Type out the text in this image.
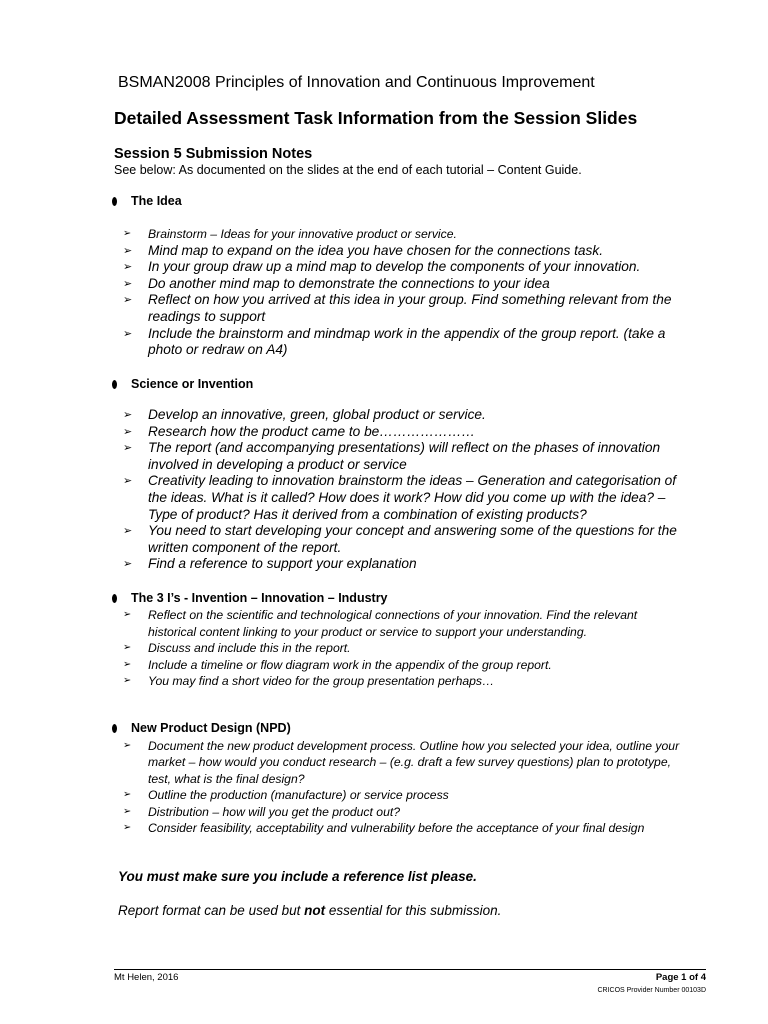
BSMAN2008 Principles of Innovation and Continuous Improvement
Detailed Assessment Task Information from the Session Slides
Session 5 Submission Notes
See below: As documented on the slides at the end of each tutorial – Content Guide.
The Idea
➢ Brainstorm – Ideas for your innovative product or service.
➢ Mind map to expand on the idea you have chosen for the connections task.
➢ In your group draw up a mind map to develop the components of your innovation.
➢ Do another mind map to demonstrate the connections to your idea
➢ Reflect on how you arrived at this idea in your group. Find something relevant from the readings to support
➢ Include the brainstorm and mindmap work in the appendix of the group report. (take a photo or redraw on A4)
Science or Invention
➢ Develop an innovative, green, global product or service.
➢ Research how the product came to be…………………
➢ The report (and accompanying presentations) will reflect on the phases of innovation involved in developing a product or service
➢ Creativity leading to innovation brainstorm the ideas – Generation and categorisation of the ideas. What is it called? How does it work? How did you come up with the idea? – Type of product? Has it derived from a combination of existing products?
➢ You need to start developing your concept and answering some of the questions for the written component of the report.
➢ Find a reference to support your explanation
The 3 I’s - Invention – Innovation – Industry
➢ Reflect on the scientific and technological connections of your innovation. Find the relevant historical content linking to your product or service to support your understanding.
➢ Discuss and include this in the report.
➢ Include a timeline or flow diagram work in the appendix of the group report.
➢ You may find a short video for the group presentation perhaps…
New Product Design (NPD)
➢ Document the new product development process. Outline how you selected your idea, outline your market – how would you conduct research – (e.g. draft a few survey questions) plan to prototype, test, what is the final design?
➢ Outline the production (manufacture) or service process
➢ Distribution – how will you get the product out?
➢ Consider feasibility, acceptability and vulnerability before the acceptance of your final design
You must make sure you include a reference list please.
Report format can be used but not essential for this submission.
Mt Helen, 2016	Page 1 of 4
CRICOS Provider Number 00103D
